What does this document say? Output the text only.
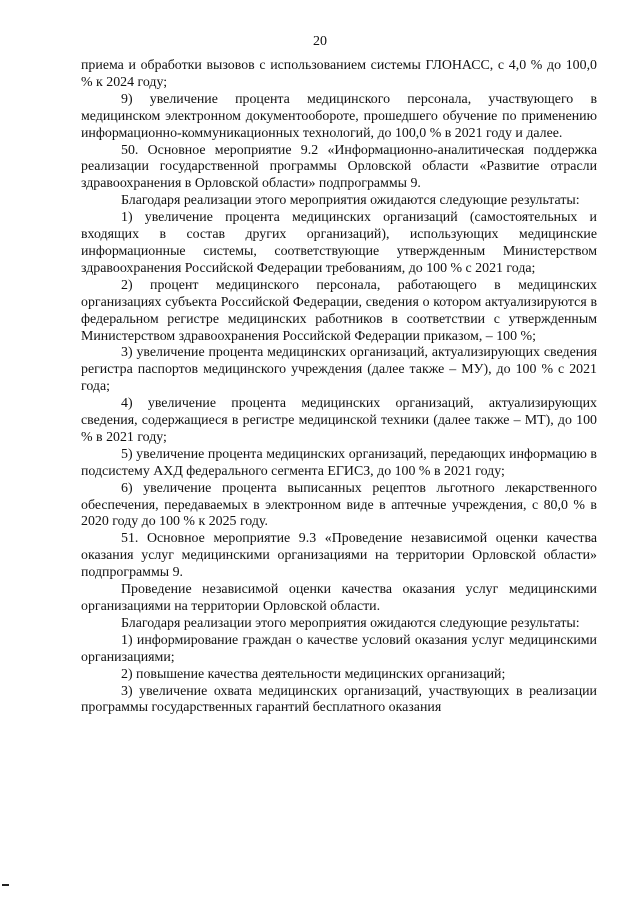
20

приема и обработки вызовов с использованием системы ГЛОНАСС, с 4,0 % до 100,0 % к 2024 году;

9) увеличение процента медицинского персонала, участвующего в медицинском электронном документообороте, прошедшего обучение по применению информационно-коммуникационных технологий, до 100,0 % в 2021 году и далее.

50. Основное мероприятие 9.2 «Информационно-аналитическая поддержка реализации государственной программы Орловской области «Развитие отрасли здравоохранения в Орловской области» подпрограммы 9.

Благодаря реализации этого мероприятия ожидаются следующие результаты:

1) увеличение процента медицинских организаций (самостоятельных и входящих в состав других организаций), использующих медицинские информационные системы, соответствующие утвержденным Министерством здравоохранения Российской Федерации требованиям, до 100 % с 2021 года;

2) процент медицинского персонала, работающего в медицинских организациях субъекта Российской Федерации, сведения о котором актуализируются в федеральном регистре медицинских работников в соответствии с утвержденным Министерством здравоохранения Российской Федерации приказом, – 100 %;

3) увеличение процента медицинских организаций, актуализирующих сведения регистра паспортов медицинского учреждения (далее также – МУ), до 100 % с 2021 года;

4) увеличение процента медицинских организаций, актуализирующих сведения, содержащиеся в регистре медицинской техники (далее также – МТ), до 100 % в 2021 году;

5) увеличение процента медицинских организаций, передающих информацию в подсистему АХД федерального сегмента ЕГИСЗ, до 100 % в 2021 году;

6) увеличение процента выписанных рецептов льготного лекарственного обеспечения, передаваемых в электронном виде в аптечные учреждения, с 80,0 % в 2020 году до 100 % к 2025 году.

51. Основное мероприятие 9.3 «Проведение независимой оценки качества оказания услуг медицинскими организациями на территории Орловской области» подпрограммы 9.

Проведение независимой оценки качества оказания услуг медицинскими организациями на территории Орловской области.

Благодаря реализации этого мероприятия ожидаются следующие результаты:

1) информирование граждан о качестве условий оказания услуг медицинскими организациями;

2) повышение качества деятельности медицинских организаций;

3) увеличение охвата медицинских организаций, участвующих в реализации программы государственных гарантий бесплатного оказания
